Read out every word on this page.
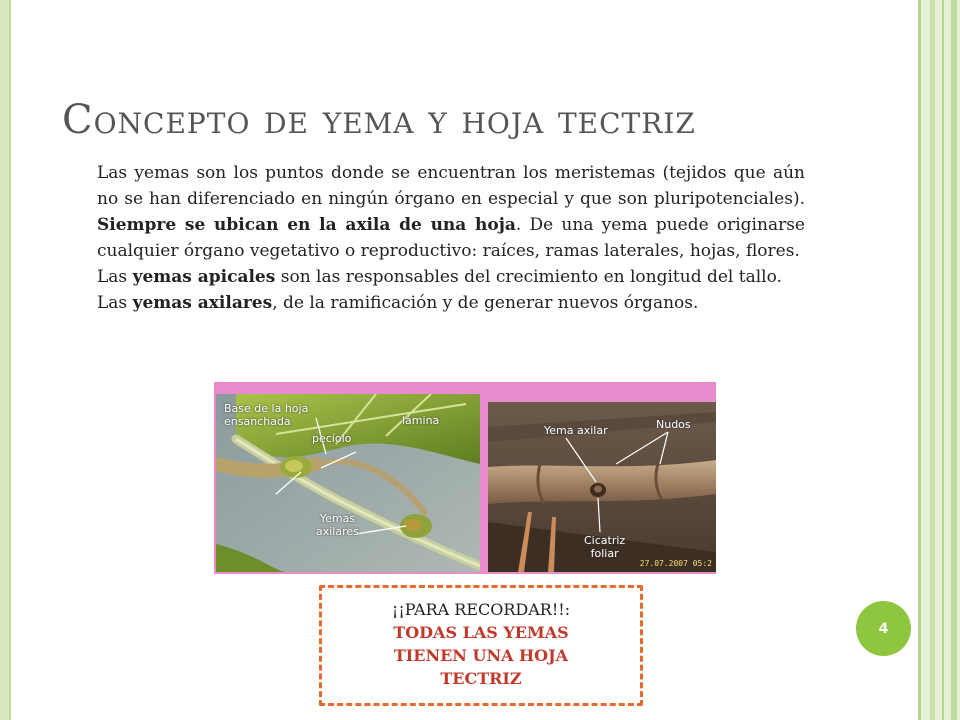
Concepto de yema y hoja tectriz

Las yemas son los puntos donde se encuentran los meristemas (tejidos que aún no se han diferenciado en ningún órgano en especial y que son pluripotenciales). Siempre se ubican en la axila de una hoja. De una yema puede originarse cualquier órgano vegetativo o reproductivo: raíces, ramas laterales, hojas, flores.

Las yemas apicales son las responsables del crecimiento en longitud del tallo.

Las yemas axilares, de la ramificación y de generar nuevos órganos.

Base de la hoja
ensanchada	lámina
pecíolo
Yemas
axilares
Yema axilar	Nudos
Cicatriz
foliar
27.07.2007 05:2
¡¡PARA RECORDAR!!:
TODAS LAS YEMAS
TIENEN UNA HOJA
TECTRIZ
4
